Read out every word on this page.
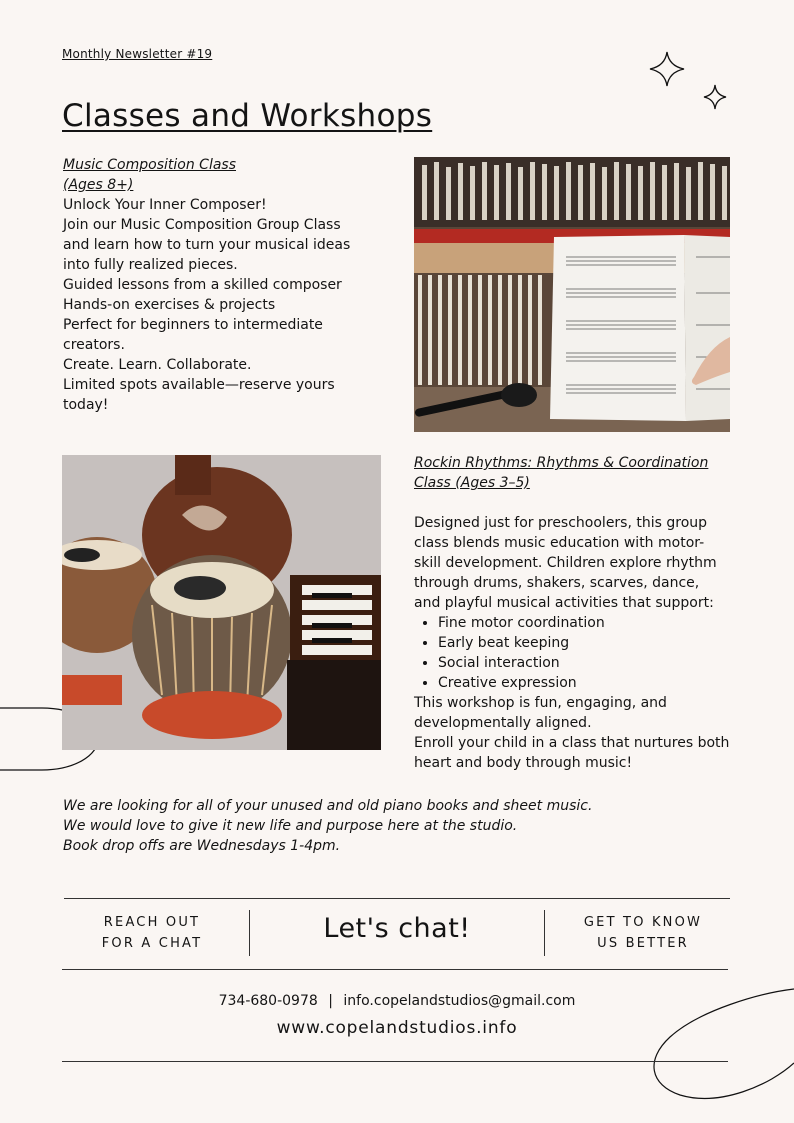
Monthly Newsletter #19
Classes and Workshops

Music Composition Class

(Ages 8+)

Unlock Your Inner Composer!

Join our Music Composition Group Class and learn how to turn your musical ideas into fully realized pieces.

Guided lessons from a skilled composer

Hands-on exercises & projects

Perfect for beginners to intermediate creators.

Create. Learn. Collaborate.

Limited spots available—reserve yours today!

Rockin Rhythms: Rhythms & Coordination Class (Ages 3–5)

Designed just for preschoolers, this group class blends music education with motor-skill development. Children explore rhythm through drums, shakers, scarves, dance, and playful musical activities that support:

• Fine motor coordination
• Early beat keeping
• Social interaction
• Creative expression

This workshop is fun, engaging, and developmentally aligned.

Enroll your child in a class that nurtures both heart and body through music!

We are looking for all of your unused and old piano books and sheet music.

We would love to give it new life and purpose here at the studio.

Book drop offs are Wednesdays 1-4pm.

REACH OUT
FOR A CHAT	Let's chat!	GET TO KNOW
US BETTER
734-680-0978 | info.copelandstudios@gmail.com
www.copelandstudios.info
